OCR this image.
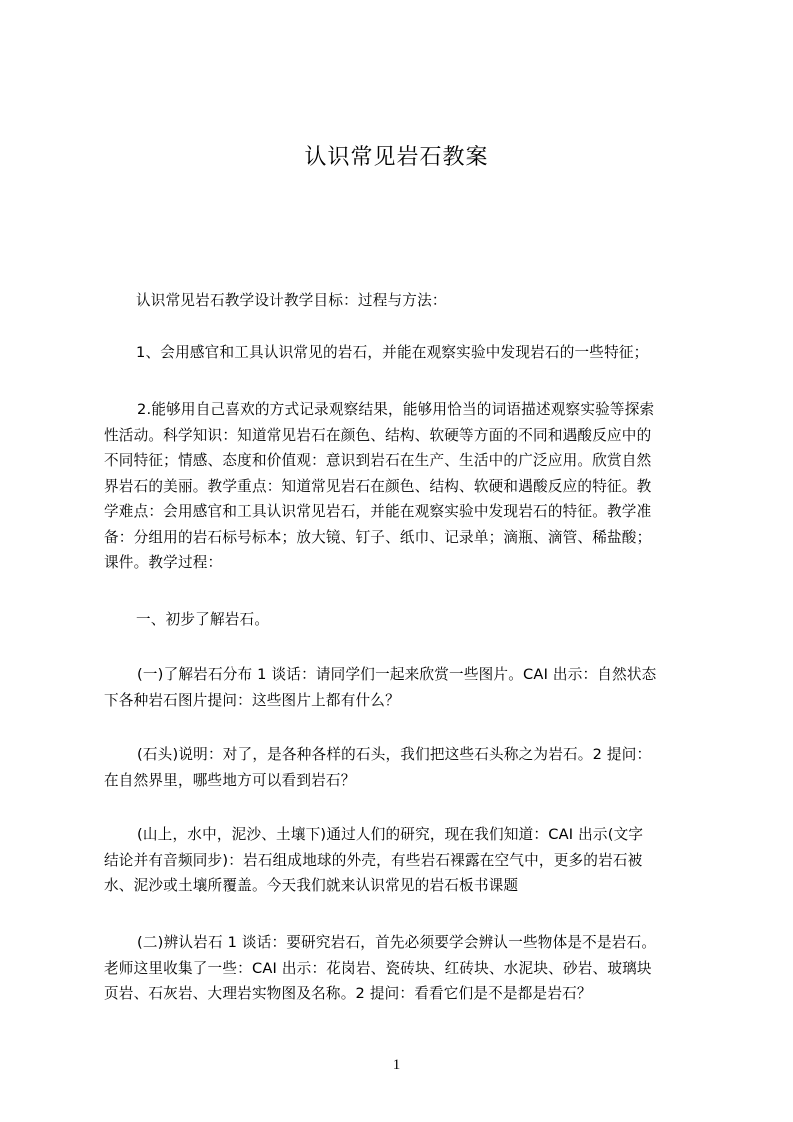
认识常见岩石教案
认识常见岩石教学设计教学目标：过程与方法：
1、会用感官和工具认识常见的岩石，并能在观察实验中发现岩石的一些特征；
2.能够用自己喜欢的方式记录观察结果，能够用恰当的词语描述观察实验等探索
性活动。科学知识：知道常见岩石在颜色、结构、软硬等方面的不同和遇酸反应中的
不同特征；情感、态度和价值观：意识到岩石在生产、生活中的广泛应用。欣赏自然
界岩石的美丽。教学重点：知道常见岩石在颜色、结构、软硬和遇酸反应的特征。教
学难点：会用感官和工具认识常见岩石，并能在观察实验中发现岩石的特征。教学准
备：分组用的岩石标号标本；放大镜、钉子、纸巾、记录单；滴瓶、滴管、稀盐酸；
课件。教学过程：
一、初步了解岩石。
(一)了解岩石分布 1 谈话：请同学们一起来欣赏一些图片。CAI 出示：自然状态
下各种岩石图片提问：这些图片上都有什么？
(石头)说明：对了，是各种各样的石头，我们把这些石头称之为岩石。2 提问：
在自然界里，哪些地方可以看到岩石？
(山上，水中，泥沙、土壤下)通过人们的研究，现在我们知道：CAI 出示(文字
结论并有音频同步)：岩石组成地球的外壳，有些岩石裸露在空气中，更多的岩石被
水、泥沙或土壤所覆盖。今天我们就来认识常见的岩石板书课题
(二)辨认岩石 1 谈话：要研究岩石，首先必须要学会辨认一些物体是不是岩石。
老师这里收集了一些：CAI 出示：花岗岩、瓷砖块、红砖块、水泥块、砂岩、玻璃块
页岩、石灰岩、大理岩实物图及名称。2 提问：看看它们是不是都是岩石？
1
